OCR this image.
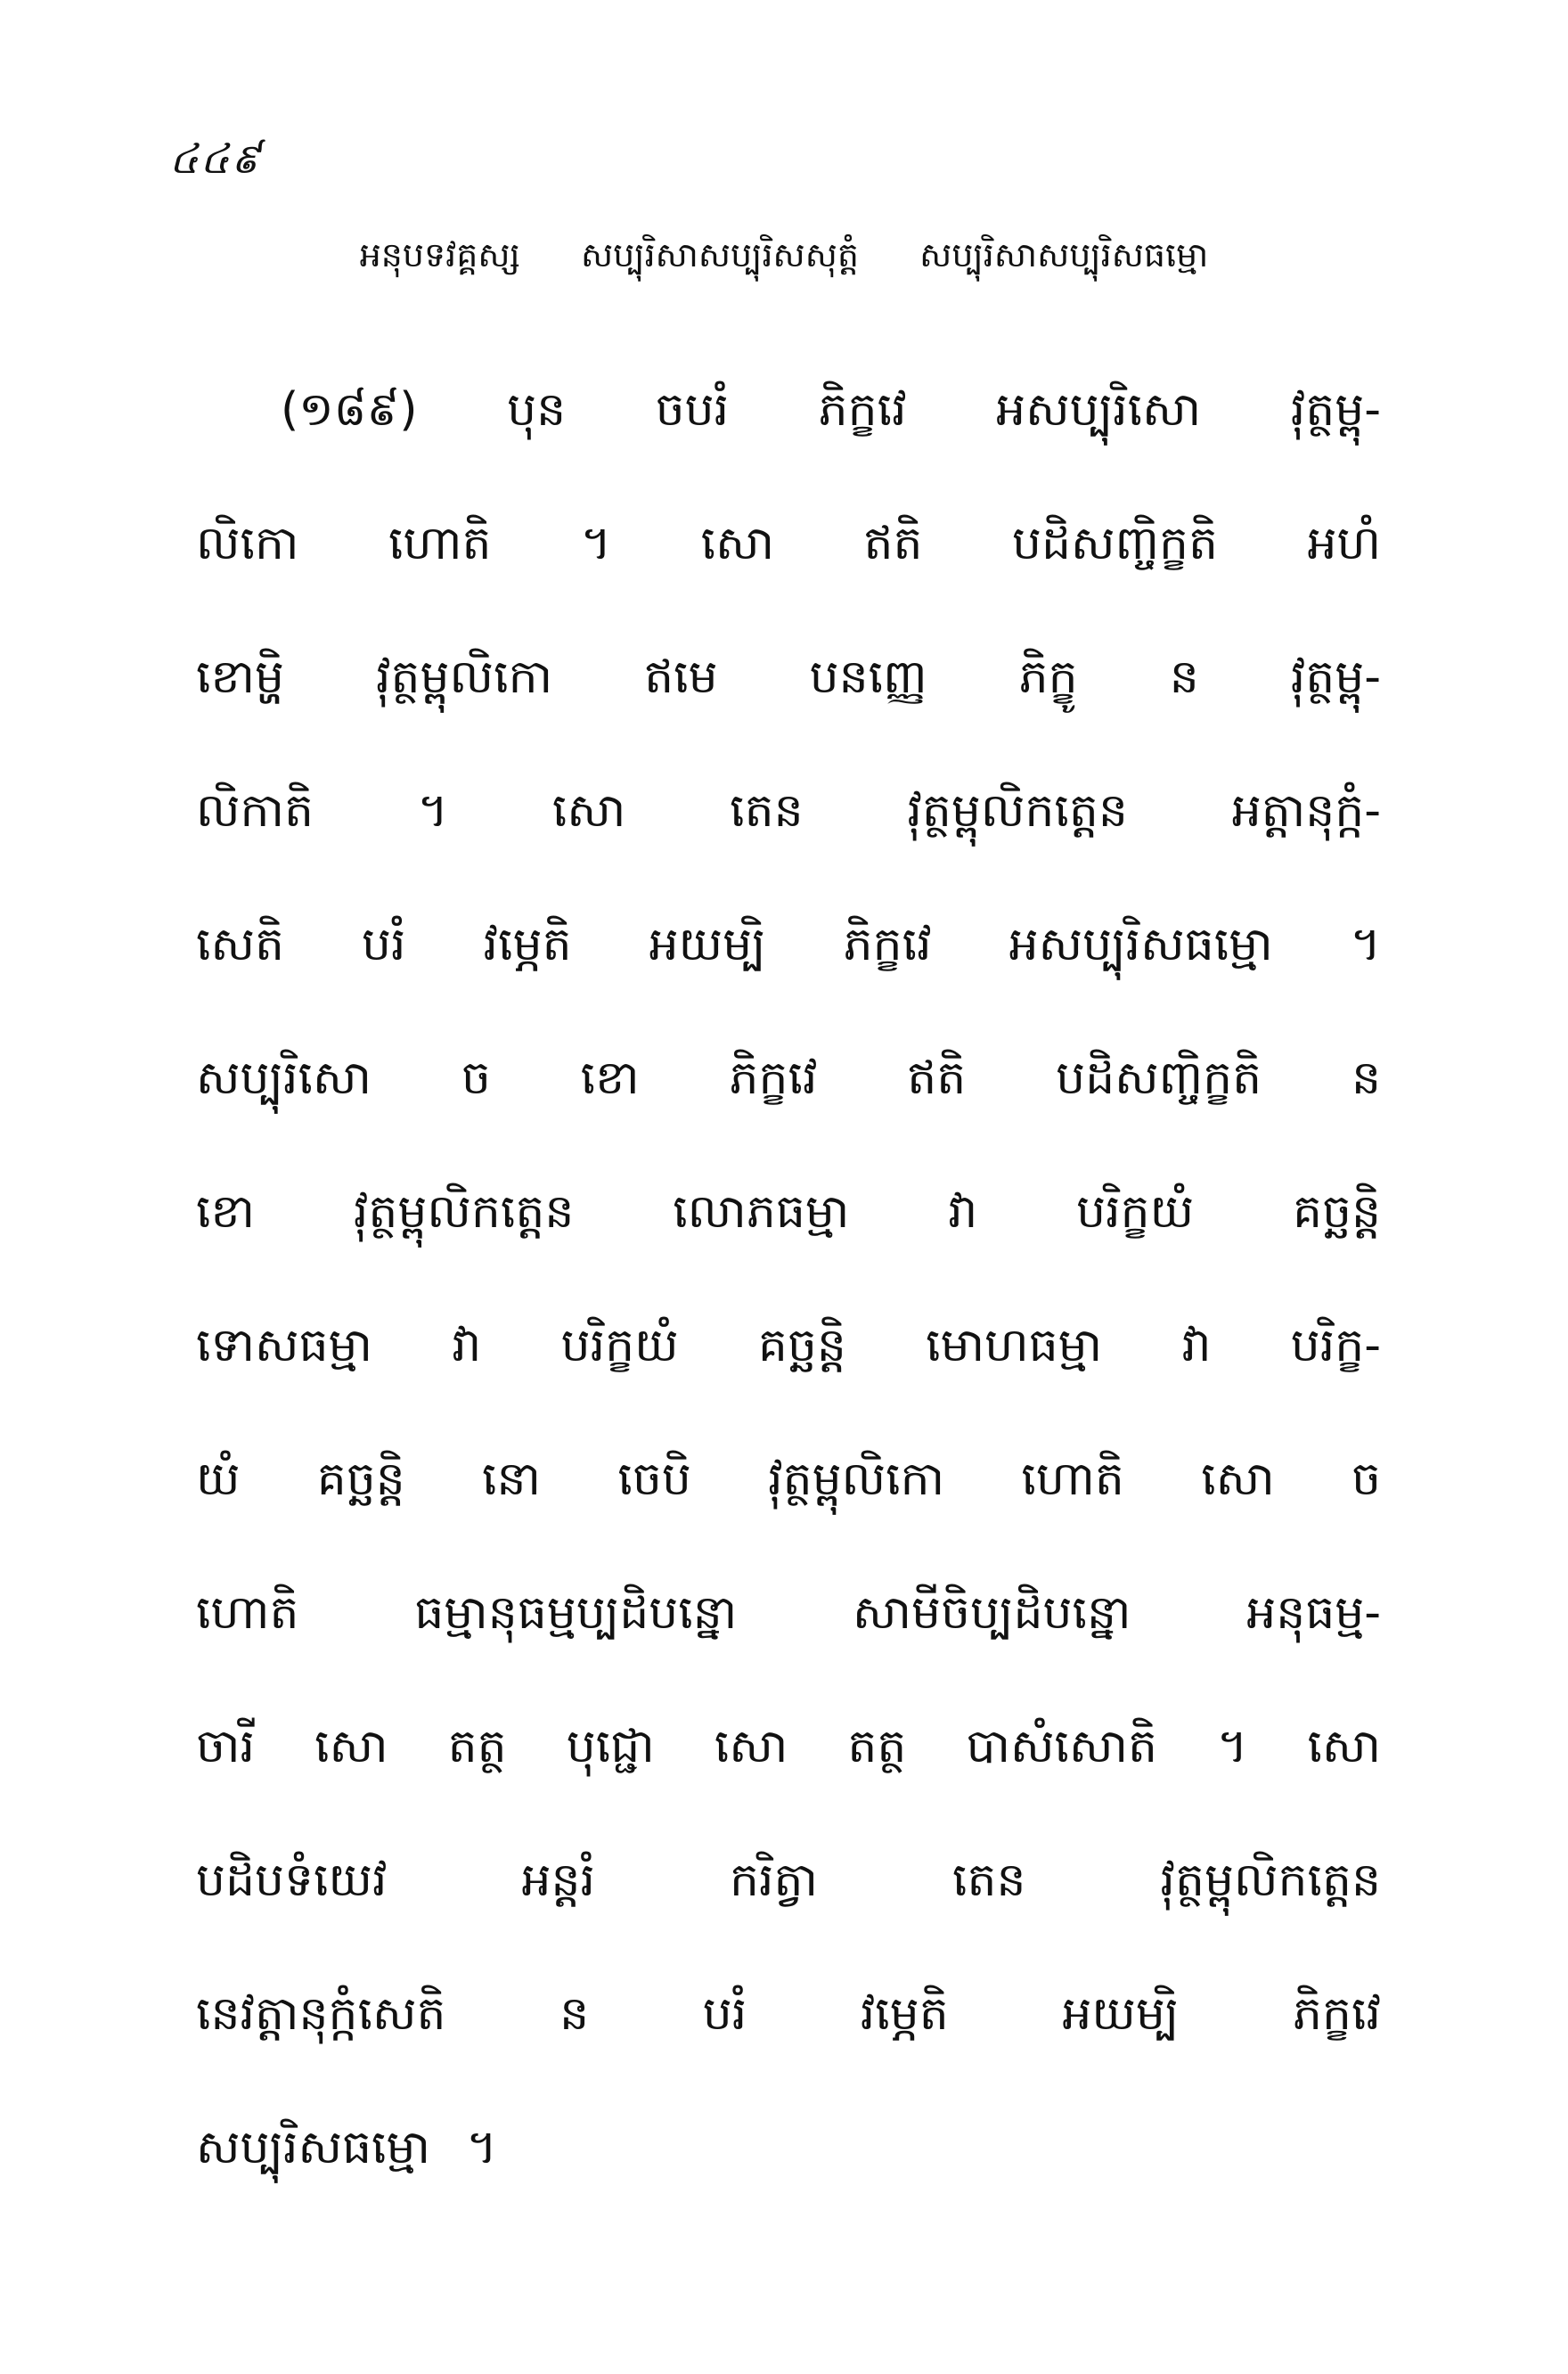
៤៤៩
អនុបទវគ្គស្ស សប្បុរិសាសប្បុរិសសុត្តំ សប្បុរិសាសប្បុរិសធម្មោ
(១៨៩) បុន ចបរំ ភិក្ខវេ អសប្បុរិសោ វុត្ថម្ពុ-
លិកោ ហោតិ ។ សោ ឥតិ បដិសញ្ចិក្ខតិ អហំ
ខោម្ហិ វុត្ថម្ពុលិកោ ឥមេ បនញ្ញេ ភិក្ខូ ន វុត្ថម្ពុ-
លិកាតិ ។ សោ តេន វុត្ថម្ពុលិកត្តេន អត្តានុក្កំ-
សេតិ បរំ វម្ភេតិ អយម្បិ ភិក្ខវេ អសប្បុរិសធម្មោ ។
សប្បុរិសោ ច ខោ ភិក្ខវេ ឥតិ បដិសញ្ចិក្ខតិ ន
ខោ វុត្ថម្ពុលិកត្តេន លោភធម្មា វា បរិក្ខយំ គច្ឆន្តិ
ទោសធម្មា វា បរិក្ខយំ គច្ឆន្តិ មោហធម្មា វា បរិក្ខ-
យំ គច្ឆន្តិ នោ ចេបិ វុត្ថម្ពុលិកោ ហោតិ សោ ច
ហោតិ ធម្មានុធម្មប្បដិបន្នោ សាមីចិប្បដិបន្នោ អនុធម្ម-
ចារី សោ តត្ថ បុជ្ជោ សោ តត្ថ បាសំសោតិ ។ សោ
បដិបទំយេវ អន្តរំ ករិត្វា តេន វុត្ថម្ពុលិកត្តេន
នេវត្តានុក្កំសេតិ ន បរំ វម្ភេតិ អយម្បិ ភិក្ខវេ
សប្បុរិសធម្មោ ។
